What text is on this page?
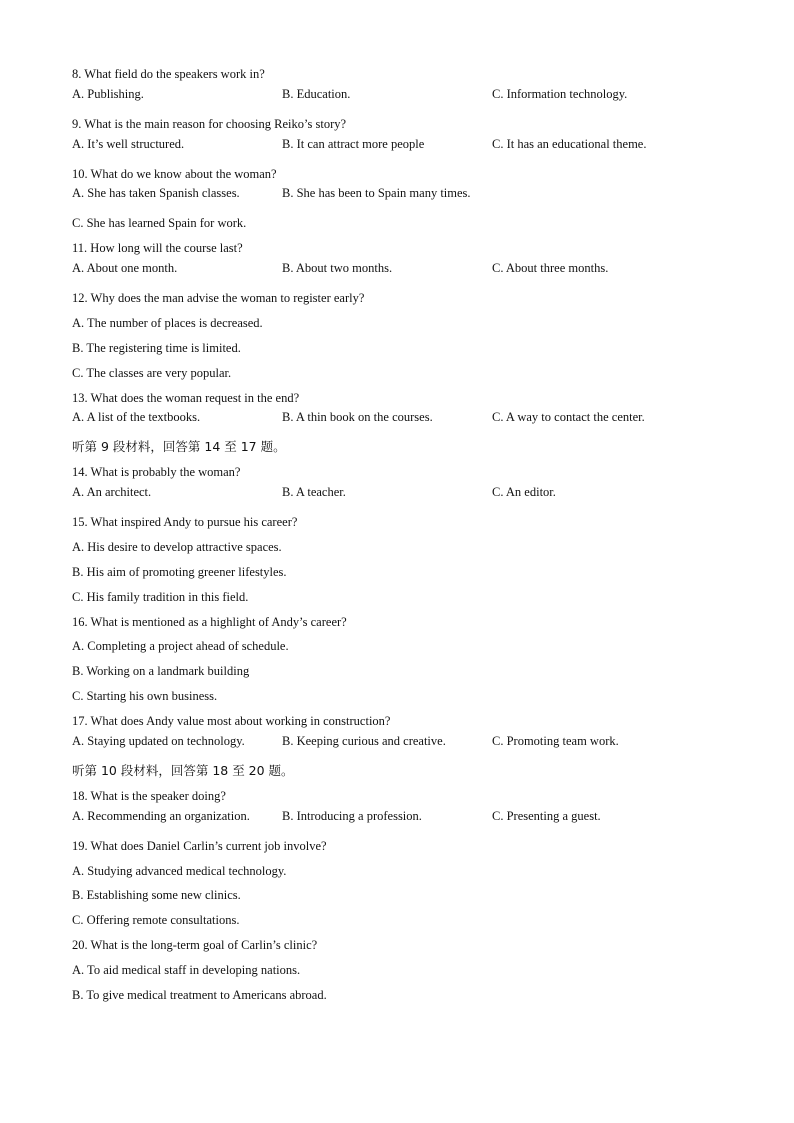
8. What field do the speakers work in?
A. Publishing.	B. Education.	C. Information technology.
9. What is the main reason for choosing Reiko’s story?
A. It’s well structured.	B. It can attract more people	C. It has an educational theme.
10. What do we know about the woman?
A. She has taken Spanish classes.	B. She has been to Spain many times.
C. She has learned Spain for work.
11. How long will the course last?
A. About one month.	B. About two months.	C. About three months.
12. Why does the man advise the woman to register early?
A. The number of places is decreased.
B. The registering time is limited.
C. The classes are very popular.
13. What does the woman request in the end?
A. A list of the textbooks.	B. A thin book on the courses.	C. A way to contact the center.
听第 9 段材料，回答第 14 至 17 题。
14. What is probably the woman?
A. An architect.	B. A teacher.	C. An editor.
15. What inspired Andy to pursue his career?
A. His desire to develop attractive spaces.
B. His aim of promoting greener lifestyles.
C. His family tradition in this field.
16. What is mentioned as a highlight of Andy’s career?
A. Completing a project ahead of schedule.
B. Working on a landmark building
C. Starting his own business.
17. What does Andy value most about working in construction?
A. Staying updated on technology.	B. Keeping curious and creative.	C. Promoting team work.
听第 10 段材料，回答第 18 至 20 题。
18. What is the speaker doing?
A. Recommending an organization.	B. Introducing a profession.	C. Presenting a guest.
19. What does Daniel Carlin’s current job involve?
A. Studying advanced medical technology.
B. Establishing some new clinics.
C. Offering remote consultations.
20. What is the long-term goal of Carlin’s clinic?
A. To aid medical staff in developing nations.
B. To give medical treatment to Americans abroad.
